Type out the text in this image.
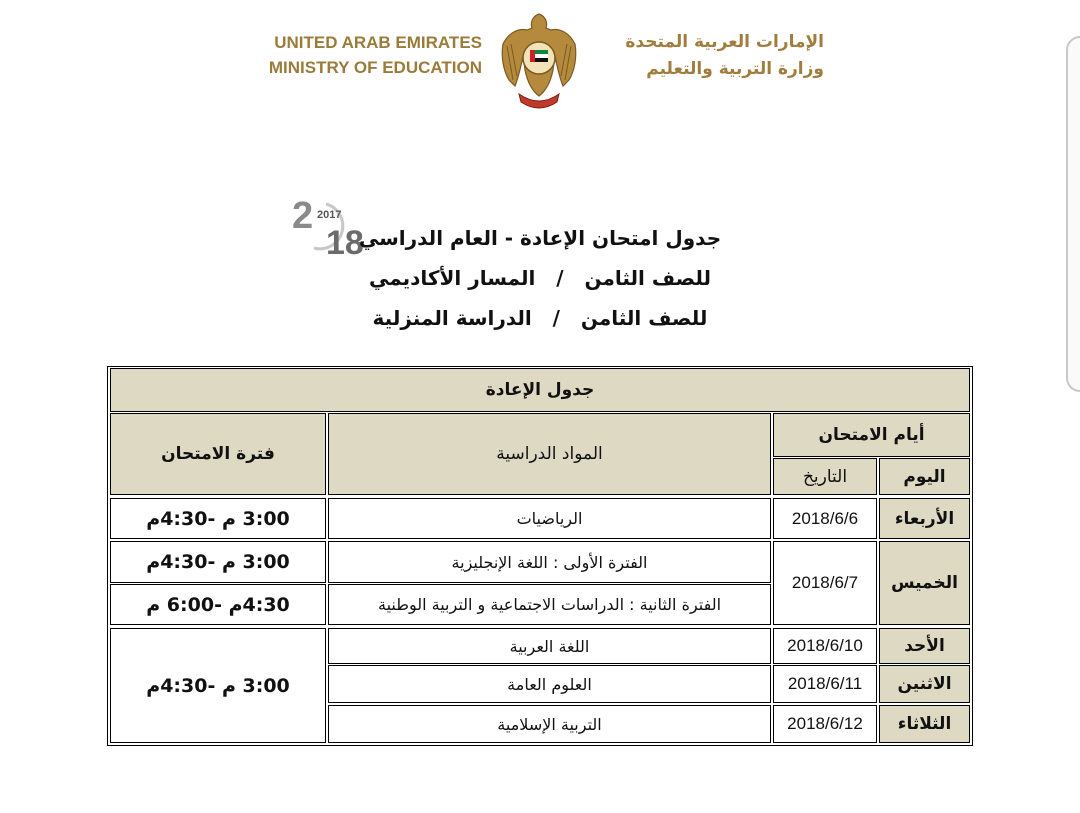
UNITED ARAB EMIRATES
MINISTRY OF EDUCATION
الإمارات العربية المتحدة
وزارة التربية والتعليم
2 2017
18
جدول امتحان الإعادة - العام الدراسي
للصف الثامن   /   المسار الأكاديمي
للصف الثامن   /   الدراسة المنزلية
جدول الإعادة
أيام الامتحان
اليوم
التاريخ
المواد الدراسية
فترة الامتحان
الأربعاء
2018/6/6
الرياضيات
3:00 م -4:30م
الخميس
2018/6/7
الفترة الأولى : اللغة الإنجليزية
3:00 م -4:30م
الفترة الثانية : الدراسات الاجتماعية و التربية الوطنية
4:30م -6:00 م
الأحد
2018/6/10
اللغة العربية
3:00 م -4:30م	الاثنين
2018/6/11
العلوم العامة
الثلاثاء
2018/6/12
التربية الإسلامية
